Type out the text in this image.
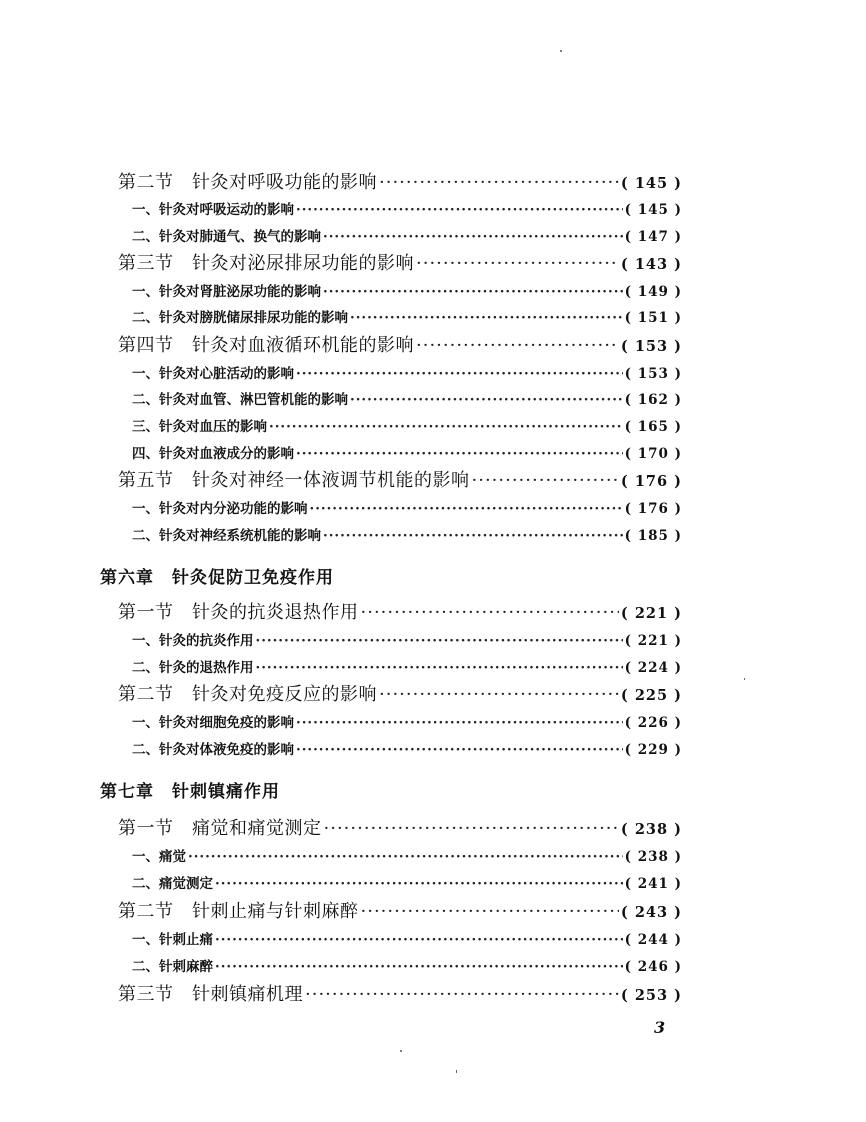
第二节　针灸对呼吸功能的影响 ·····	( 145 )
一、针灸对呼吸运动的影响 ·····	( 145 )
二、针灸对肺通气、换气的影响 ·····	( 147 )
第三节　针灸对泌尿排尿功能的影响 ·····	( 143 )
一、针灸对肾脏泌尿功能的影响 ·····	( 149 )
二、针灸对膀胱储尿排尿功能的影响 ·····	( 151 )
第四节　针灸对血液循环机能的影响 ·····	( 153 )
一、针灸对心脏活动的影响 ·····	( 153 )
二、针灸对血管、淋巴管机能的影响 ·····	( 162 )
三、针灸对血压的影响 ·····	( 165 )
四、针灸对血液成分的影响 ·····	( 170 )
第五节　针灸对神经一体液调节机能的影响 ·····	( 176 )
一、针灸对内分泌功能的影响 ·····	( 176 )
二、针灸对神经系统机能的影响 ·····	( 185 )
第六章 针灸促防卫免疫作用
第一节　针灸的抗炎退热作用 ·····	( 221 )
一、针灸的抗炎作用 ·····	( 221 )
二、针灸的退热作用 ·····	( 224 )
第二节　针灸对免疫反应的影响 ·····	( 225 )
一、针灸对细胞免疫的影响 ·····	( 226 )
二、针灸对体液免疫的影响 ·····	( 229 )
第七章 针刺镇痛作用
第一节　痛觉和痛觉测定 ·····	( 238 )
一、痛觉 ·····	( 238 )
二、痛觉测定 ·····	( 241 )
第二节　针刺止痛与针刺麻醉 ·····	( 243 )
一、针刺止痛 ·····	( 244 )
二、针刺麻醉 ·····	( 246 )
第三节　针刺镇痛机理 ·····	( 253 )
3
